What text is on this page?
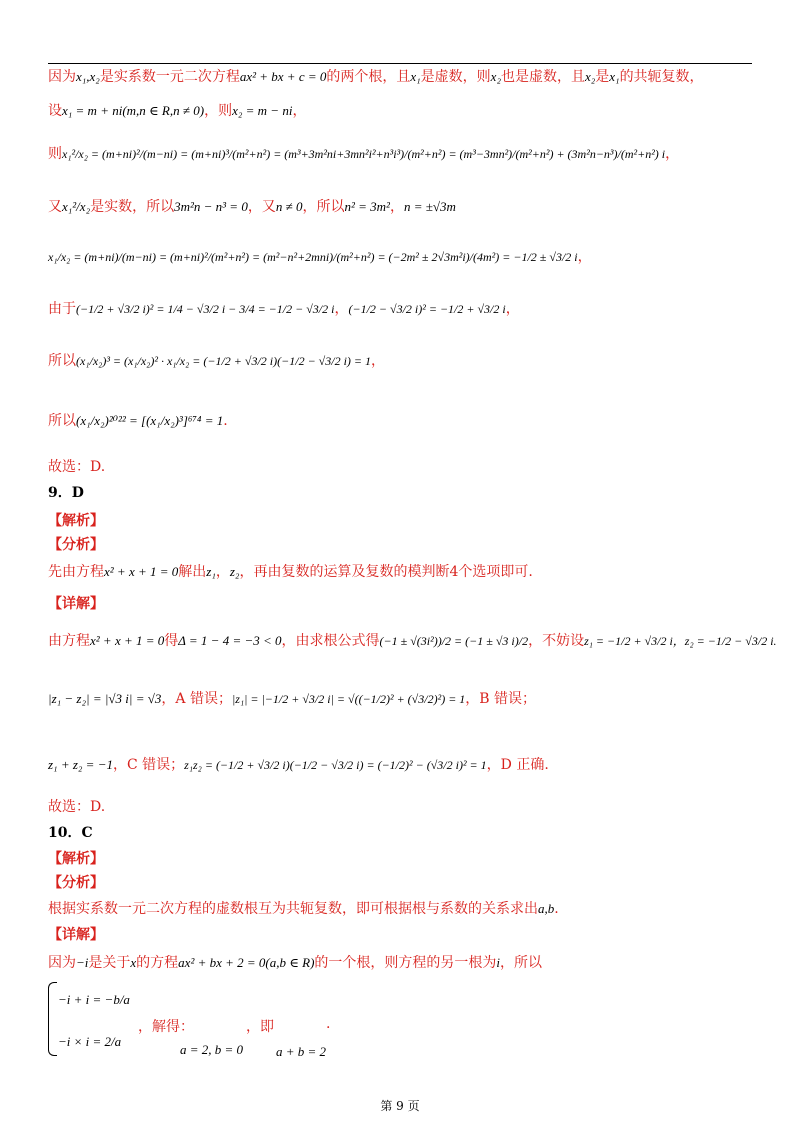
因为x₁,x₂是实系数一元二次方程ax² + bx + c = 0的两个根，且x₁是虚数，则x₂也是虚数，且x₂是x₁的共轭复数，
设x₁ = m + ni(m,n ∈ R,n ≠ 0)，则x₂ = m − ni，
则x₁²/x₂ = (m+ni)²/(m−ni) = (m+ni)³/(m²+n²) = (m³+3m²ni+3mn²i²+n³i³)/(m²+n²) = (m³−3mn²)/(m²+n²) + (3m²n−n³)/(m²+n²) i，
又x₁²/x₂是实数，所以3m²n − n³ = 0，又n ≠ 0，所以n² = 3m²，n = ±√3m
x₁/x₂ = (m+ni)/(m−ni) = (m+ni)²/(m²+n²) = (m²−n²+2mni)/(m²+n²) = (−2m² ± 2√3m²i)/(4m²) = −1/2 ± √3/2 i，
由于(−1/2 + √3/2 i)² = 1/4 − √3/2 i − 3/4 = −1/2 − √3/2 i，(−1/2 − √3/2 i)² = −1/2 + √3/2 i，
所以(x₁/x₂)³ = (x₁/x₂)² · x₁/x₂ = (−1/2 + √3/2 i)(−1/2 − √3/2 i) = 1，
所以(x₁/x₂)²⁰²² = [(x₁/x₂)³]⁶⁷⁴ = 1.
故选：D.
9．D
【解析】
【分析】
先由方程x² + x + 1 = 0解出z₁，z₂，再由复数的运算及复数的模判断4个选项即可.
【详解】
由方程x² + x + 1 = 0得Δ = 1 − 4 = −3 < 0，由求根公式得(−1 ± √(3i²))/2 = (−1 ± √3 i)/2，不妨设z₁ = −1/2 + √3/2 i，z₂ = −1/2 − √3/2 i.
|z₁ − z₂| = |√3 i| = √3，A 错误；|z₁| = |−1/2 + √3/2 i| = √((−1/2)² + (√3/2)²) = 1，B 错误；
z₁ + z₂ = −1，C 错误；z₁z₂ = (−1/2 + √3/2 i)(−1/2 − √3/2 i) = (−1/2)² − (√3/2 i)² = 1，D 正确.
故选：D.
10．C
【解析】
【分析】
根据实系数一元二次方程的虚数根互为共轭复数，即可根据根与系数的关系求出a,b.
【详解】
因为−i是关于x的方程ax² + bx + 2 = 0(a,b ∈ R)的一个根，则方程的另一根为i，所以
−i + i = −b/a
−i × i = 2/a
，解得：
a = 2, b = 0
，即
a + b = 2
.
第 9 页
